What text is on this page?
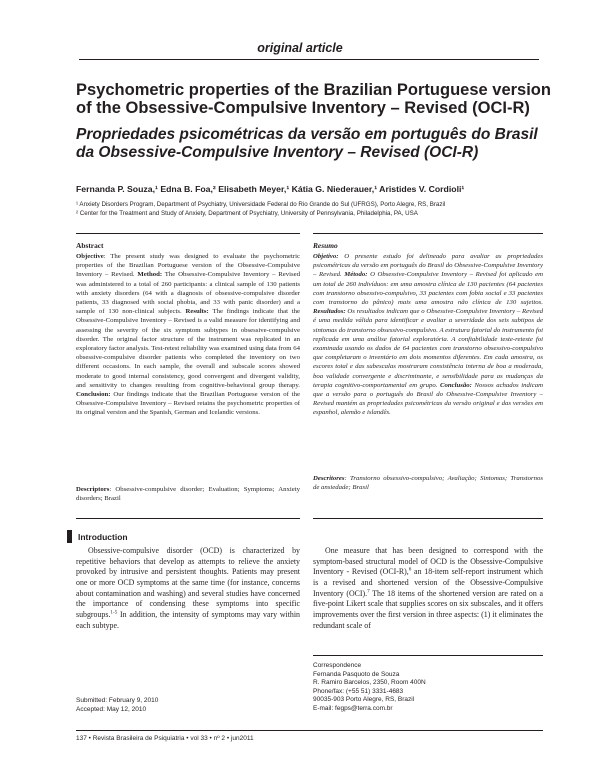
original article
Psychometric properties of the Brazilian Portuguese version of the Obsessive-Compulsive Inventory – Revised (OCI-R)
Propriedades psicométricas da versão em português do Brasil da Obsessive-Compulsive Inventory – Revised (OCI-R)
Fernanda P. Souza,¹ Edna B. Foa,² Elisabeth Meyer,¹ Kátia G. Niederauer,¹ Aristides V. Cordioli¹
¹ Anxiety Disorders Program, Department of Psychiatry, Universidade Federal do Rio Grande do Sul (UFRGS), Porto Alegre, RS, Brazil
² Center for the Treatment and Study of Anxiety, Department of Psychiatry, University of Pennsylvania, Philadelphia, PA, USA
Abstract
Objective: The present study was designed to evaluate the psychometric properties of the Brazilian Portuguese version of the Obsessive-Compulsive Inventory – Revised. Method: The Obsessive-Compulsive Inventory – Revised was administered to a total of 260 participants: a clinical sample of 130 patients with anxiety disorders (64 with a diagnosis of obsessive-compulsive disorder patients, 33 diagnosed with social phobia, and 33 with panic disorder) and a sample of 130 non-clinical subjects. Results: The findings indicate that the Obsessive-Compulsive Inventory – Revised is a valid measure for identifying and assessing the severity of the six symptom subtypes in obsessive-compulsive disorder. The original factor structure of the instrument was replicated in an exploratory factor analysis. Test-retest reliability was examined using data from 64 obsessive-compulsive disorder patients who completed the inventory on two different occasions. In each sample, the overall and subscale scores showed moderate to good internal consistency, good convergent and divergent validity, and sensitivity to changes resulting from cognitive-behavioral group therapy. Conclusion: Our findings indicate that the Brazilian Portuguese version of the Obsessive-Compulsive Inventory – Revised retains the psychometric properties of its original version and the Spanish, German and Icelandic versions.
Descriptors: Obsessive-compulsive disorder; Evaluation; Symptoms; Anxiety disorders; Brazil
Resumo
Objetivo: O presente estudo foi delineado para avaliar as propriedades psicométricas da versão em português do Brasil do Obsessive-Compulsive Inventory – Revised. Método: O Obsessive-Compulsive Inventory – Revised foi aplicado em um total de 260 indivíduos: em uma amostra clínica de 130 pacientes (64 pacientes com transtorno obsessivo-compulsivo, 33 pacientes com fobia social e 33 pacientes com transtorno do pânico) mais uma amostra não clínica de 130 sujeitos. Resultados: Os resultados indicam que o Obsessive-Compulsive Inventory – Revised é uma medida válida para identificar e avaliar a severidade dos seis subtipos de sintomas do transtorno obsessivo-compulsivo. A estrutura fatorial do instrumento foi replicada em uma análise fatorial exploratória. A confiabilidade teste-reteste foi examinada usando os dados de 64 pacientes com transtorno obsessivo-compulsivo que completaram o inventário em dois momentos diferentes. Em cada amostra, os escores total e das subescalas mostraram consistência interna de boa a moderada, boa validade convergente e discriminante, e sensibilidade para as mudanças da terapia cognitivo-comportamental em grupo. Conclusão: Nossos achados indicam que a versão para o português do Brasil do Obsessive-Compulsive Inventory – Revised mantém as propriedades psicométricas da versão original e das versões em espanhol, alemão e islandês.
Descritores: Transtorno obsessivo-compulsivo; Avaliação; Sintomas; Transtornos de ansiedade; Brasil
Introduction
Obsessive-compulsive disorder (OCD) is characterized by repetitive behaviors that develop as attempts to relieve the anxiety provoked by intrusive and persistent thoughts. Patients may present one or more OCD symptoms at the same time (for instance, concerns about contamination and washing) and several studies have concerned the importance of condensing these symptoms into specific subgroups.$^{1-5}$ In addition, the intensity of symptoms may vary within each subtype.
One measure that has been designed to correspond with the symptom-based structural model of OCD is the Obsessive-Compulsive Inventory - Revised (OCI-R),$^6$ an 18-item self-report instrument which is a revised and shortened version of the Obsessive-Compulsive Inventory (OCI).$^7$ The 18 items of the shortened version are rated on a five-point Likert scale that supplies scores on six subscales, and it offers improvements over the first version in three aspects: (1) it eliminates the redundant scale of
Correspondence
Fernanda Pasquoto de Souza
R. Ramiro Barcelos, 2350, Room 400N
Phone/fax: (+55 51) 3331-4683
90035-903 Porto Alegre, RS, Brazil
E-mail: fegps@terra.com.br
Submitted: February 9, 2010
Accepted: May 12, 2010
137 • Revista Brasileira de Psiquiatria • vol 33 • nº 2 • jun2011
